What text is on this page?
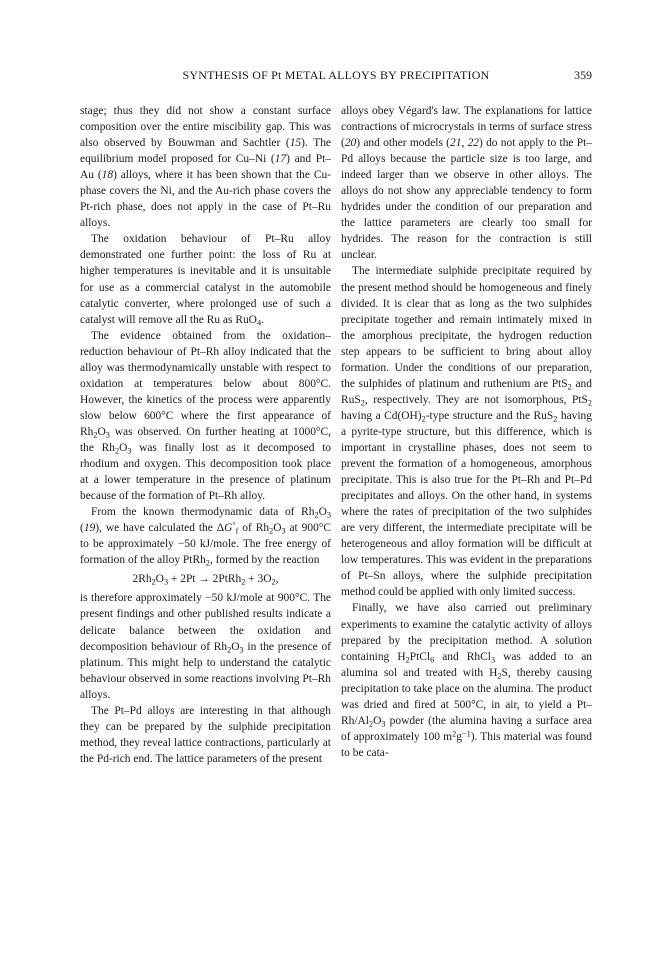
SYNTHESIS OF Pt METAL ALLOYS BY PRECIPITATION	359

stage; thus they did not show a constant surface composition over the entire miscibility gap. This was also observed by Bouwman and Sachtler (15). The equilibrium model proposed for Cu–Ni (17) and Pt–Au (18) alloys, where it has been shown that the Cu-phase covers the Ni, and the Au-rich phase covers the Pt-rich phase, does not apply in the case of Pt–Ru alloys.

The oxidation behaviour of Pt–Ru alloy demonstrated one further point: the loss of Ru at higher temperatures is inevitable and it is unsuitable for use as a commercial catalyst in the automobile catalytic converter, where prolonged use of such a catalyst will remove all the Ru as RuO$_4$.

The evidence obtained from the oxidation–reduction behaviour of Pt–Rh alloy indicated that the alloy was thermodynamically unstable with respect to oxidation at temperatures below about 800°C. However, the kinetics of the process were apparently slow below 600°C where the first appearance of $Rh_2O_3$ was observed. On further heating at 1000°C, the $Rh_2O_3$ was finally lost as it decomposed to rhodium and oxygen. This decomposition took place at a lower temperature in the presence of platinum because of the formation of Pt–Rh alloy.

From the known thermodynamic data of $Rh_2O_3$ (19), we have calculated the $\Delta G^\circ_f$ of $Rh_2O_3$ at 900°C to be approximately −50 kJ/mole. The free energy of formation of the alloy PtRh$_2$, formed by the reaction

$2Rh_2O_3 + 2Pt$ → 2PtRh$_2$ + $3O_2$,

is therefore approximately −50 kJ/mole at 900°C. The present findings and other published results indicate a delicate balance between the oxidation and decomposition behaviour of $Rh_2O_3$ in the presence of platinum. This might help to understand the catalytic behaviour observed in some reactions involving Pt–Rh alloys.

The Pt–Pd alloys are interesting in that although they can be prepared by the sulphide precipitation method, they reveal lattice contractions, particularly at the Pd-rich end. The lattice parameters of the present

alloys obey Végard's law. The explanations for lattice contractions of microcrystals in terms of surface stress (20) and other models (21, 22) do not apply to the Pt–Pd alloys because the particle size is too large, and indeed larger than we observe in other alloys. The alloys do not show any appreciable tendency to form hydrides under the condition of our preparation and the lattice parameters are clearly too small for hydrides. The reason for the contraction is still unclear.

The intermediate sulphide precipitate required by the present method should be homogeneous and finely divided. It is clear that as long as the two sulphides precipitate together and remain intimately mixed in the amorphous precipitate, the hydrogen reduction step appears to be sufficient to bring about alloy formation. Under the conditions of our preparation, the sulphides of platinum and ruthenium are PtS$_2$ and RuS$_2$, respectively. They are not isomorphous, PtS$_2$ having a $Cd(OH)_2$-type structure and the RuS$_2$ having a pyrite-type structure, but this difference, which is important in crystalline phases, does not seem to prevent the formation of a homogeneous, amorphous precipitate. This is also true for the Pt–Rh and Pt–Pd precipitates and alloys. On the other hand, in systems where the rates of precipitation of the two sulphides are very different, the intermediate precipitate will be heterogeneous and alloy formation will be difficult at low temperatures. This was evident in the preparations of Pt–Sn alloys, where the sulphide precipitation method could be applied with only limited success.

Finally, we have also carried out preliminary experiments to examine the catalytic activity of alloys prepared by the precipitation method. A solution containing $H_2PtCl_6$ and RhCl$_3$ was added to an alumina sol and treated with $H_2S$, thereby causing precipitation to take place on the alumina. The product was dried and fired at 500°C, in air, to yield a $Pt-Rh/Al_2O_3$ powder (the alumina having a surface area of approximately 100 $m^2g^{-1}$). This material was found to be cata-
